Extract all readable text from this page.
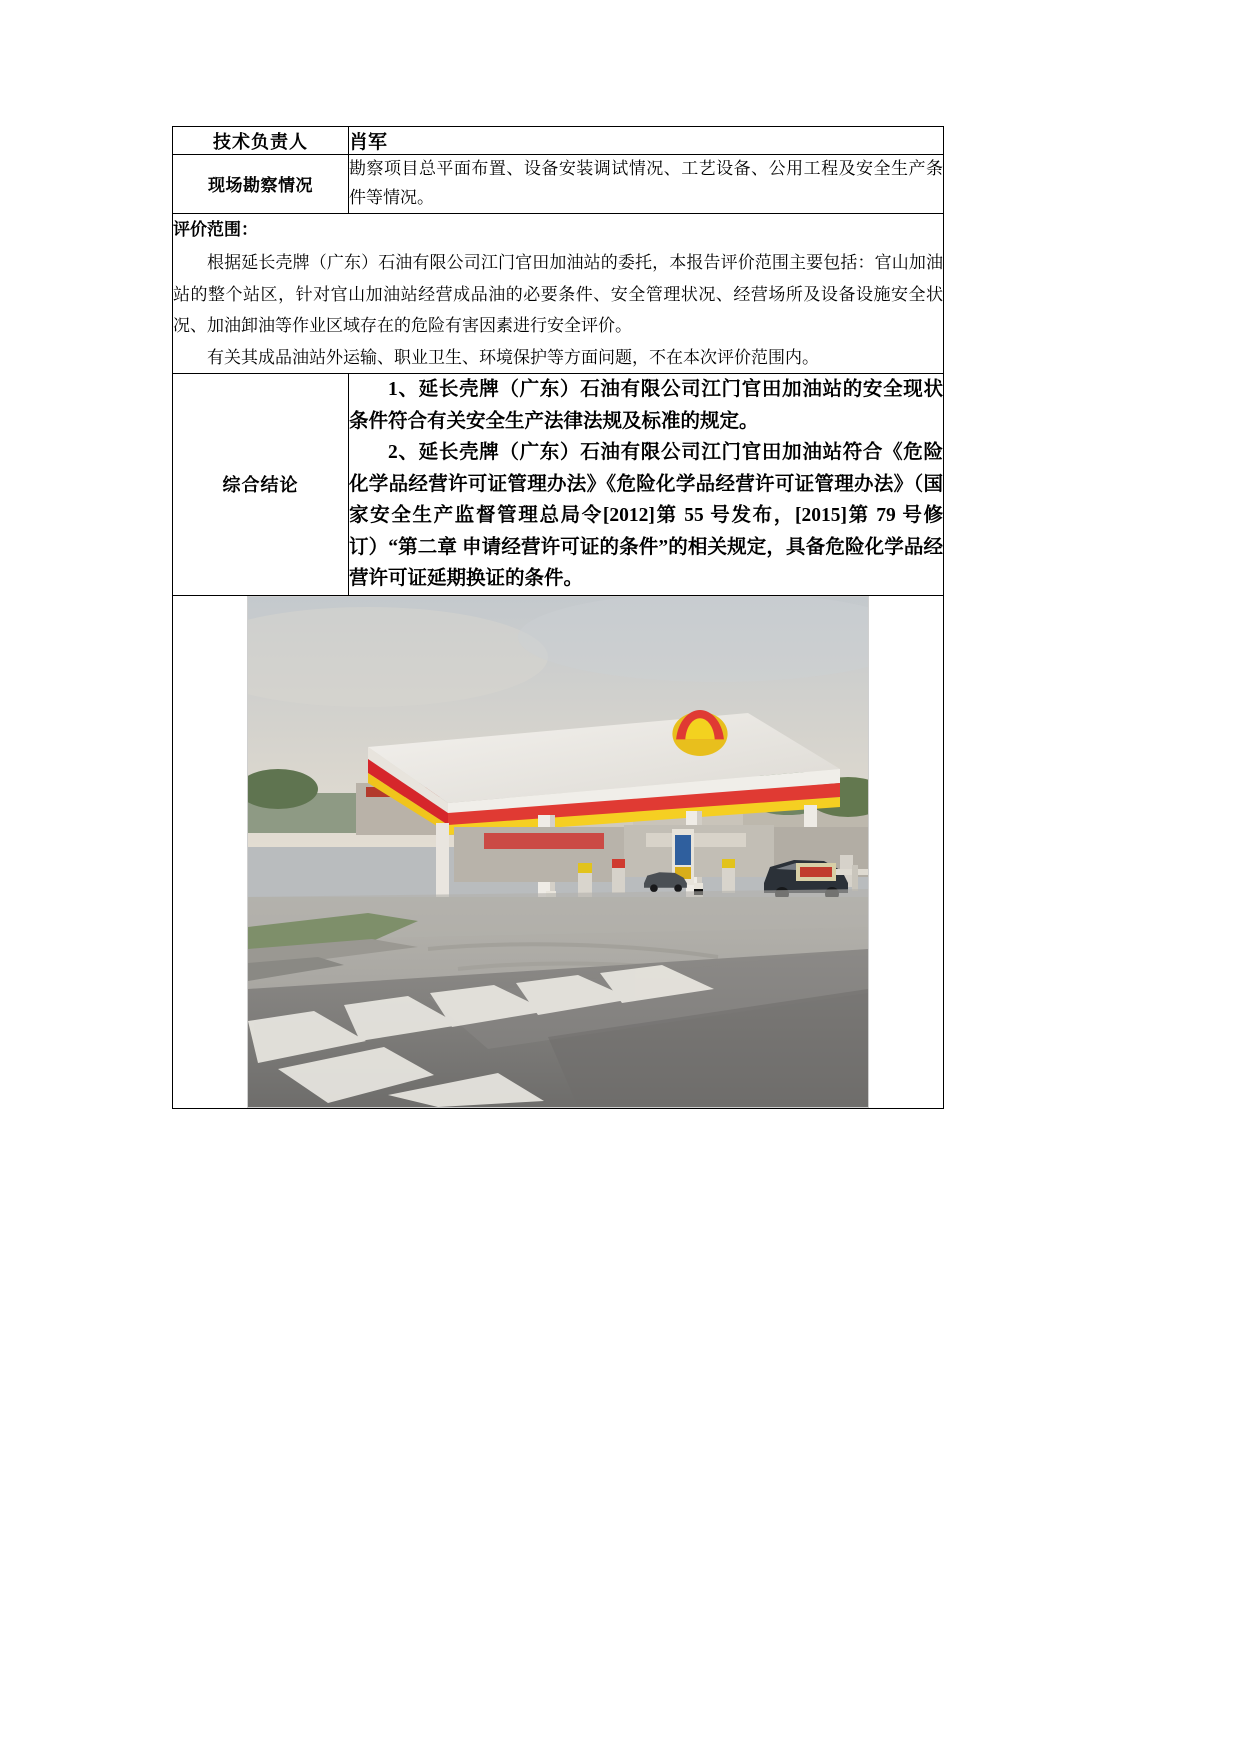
技术负责人	肖军
现场勘察情况	勘察项目总平面布置、设备安装调试情况、工艺设备、公用工程及安全生产条件等情况。

评价范围：

根据延长壳牌（广东）石油有限公司江门官田加油站的委托，本报告评价范围主要包括：官山加油站的整个站区，针对官山加油站经营成品油的必要条件、安全管理状况、经营场所及设备设施安全状况、加油卸油等作业区域存在的危险有害因素进行安全评价。

有关其成品油站外运输、职业卫生、环境保护等方面问题，不在本次评价范围内。	

综合结论	1、延长壳牌（广东）石油有限公司江门官田加油站的安全现状条件符合有关安全生产法律法规及标准的规定。

2、延长壳牌（广东）石油有限公司江门官田加油站符合《危险化学品经营许可证管理办法》《危险化学品经营许可证管理办法》（国家安全生产监督管理总局令[2012]第 55 号发布，[2015]第 79 号修订）“第二章 申请经营许可证的条件”的相关规定，具备危险化学品经营许可证延期换证的条件。
